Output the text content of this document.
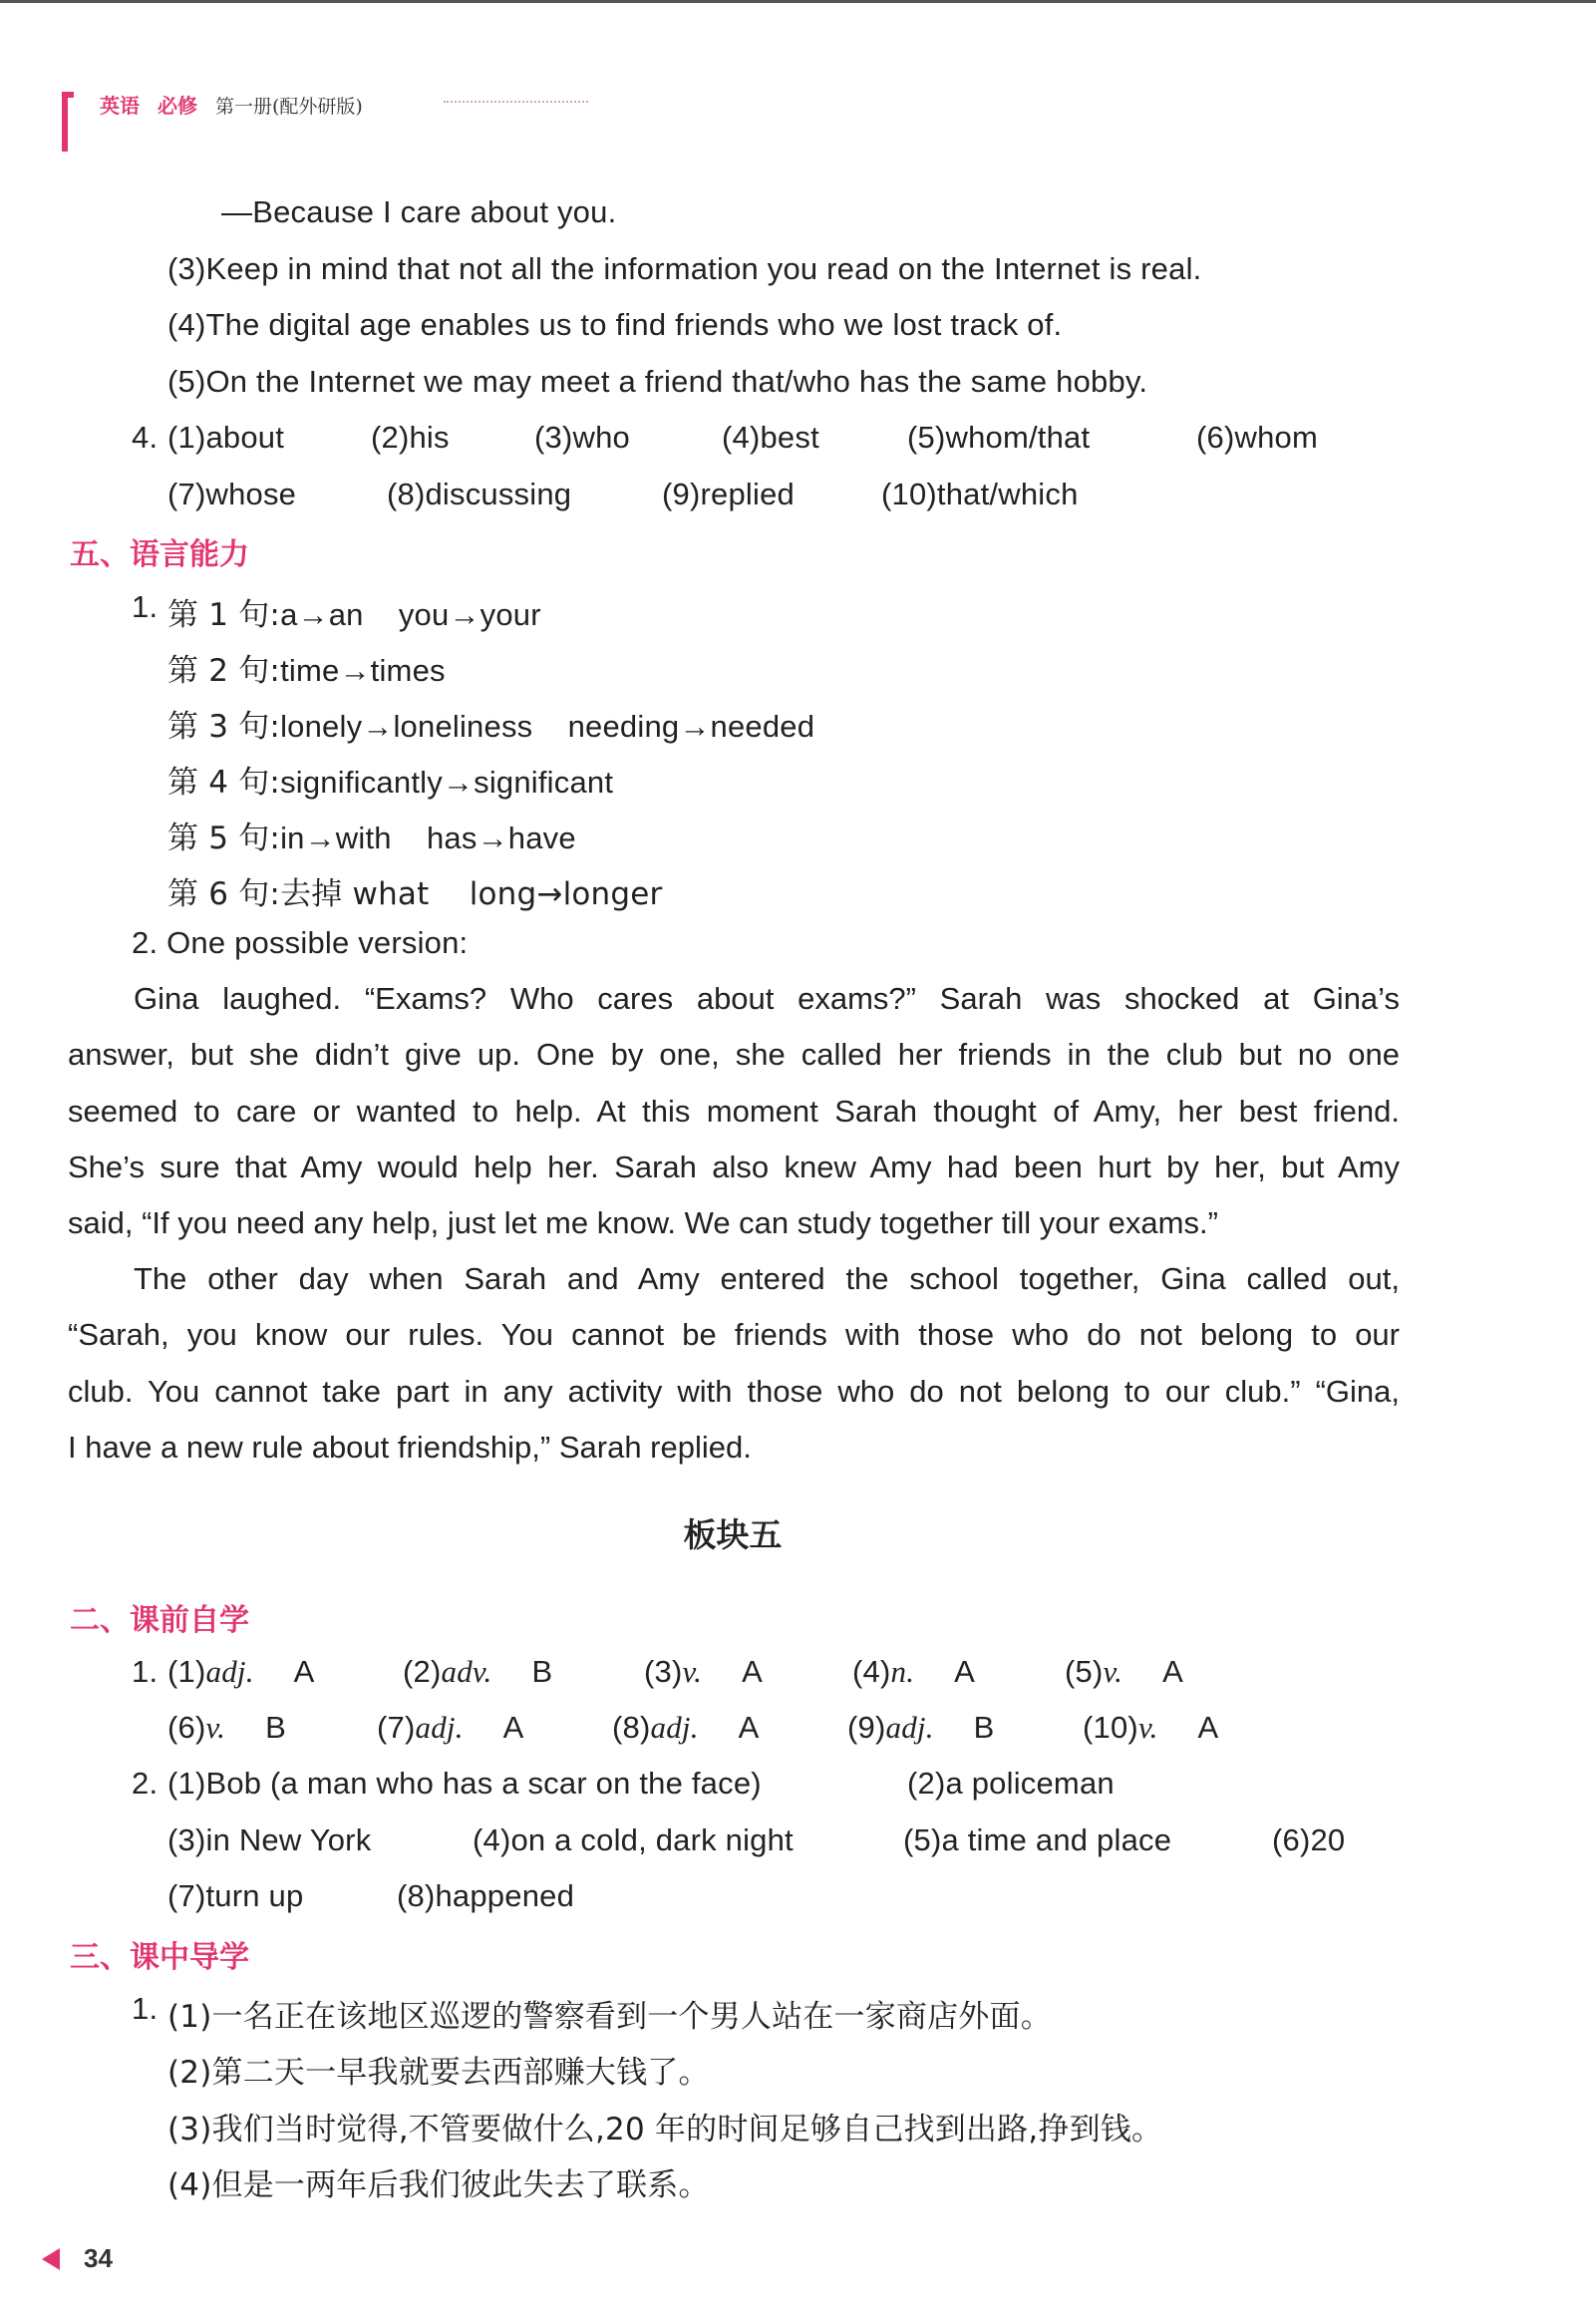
英语 必修 第一册(配外研版)
—Because I care about you.
(3)Keep in mind that not all the information you read on the Internet is real.
(4)The digital age enables us to find friends who we lost track of.
(5)On the Internet we may meet a friend that/who has the same hobby.
4. (1)about	(2)his	(3)who	(4)best	(5)whom/that	(6)whom
(7)whose	(8)discussing	(9)replied	(10)that/which
五、语言能力
1. 第 1 句:a→an    you→your
第 2 句:time→times
第 3 句:lonely→loneliness    needing→needed
第 4 句:significantly→significant
第 5 句:in→with    has→have
第 6 句:去掉 what    long→longer
2. One possible version:
Gina laughed. “Exams? Who cares about exams?” Sarah was shocked at Gina’s
answer, but she didn’t give up. One by one, she called her friends in the club but no one
seemed to care or wanted to help. At this moment Sarah thought of Amy, her best friend.
She’s sure that Amy would help her. Sarah also knew Amy had been hurt by her, but Amy
said, “If you need any help, just let me know. We can study together till your exams.”
The other day when Sarah and Amy entered the school together, Gina called out,
“Sarah, you know our rules. You cannot be friends with those who do not belong to our
club. You cannot take part in any activity with those who do not belong to our club.” “Gina,
I have a new rule about friendship,” Sarah replied.
板块五
二、课前自学
1. (1)adj. A	(2)adv. B	(3)v. A	(4)n. A	(5)v. A
(6)v. B	(7)adj. A	(8)adj. A	(9)adj. B	(10)v. A
2. (1)Bob (a man who has a scar on the face)	(2)a policeman
(3)in New York	(4)on a cold, dark night	(5)a time and place	(6)20
(7)turn up	(8)happened
三、课中导学
1. (1)一名正在该地区巡逻的警察看到一个男人站在一家商店外面。
(2)第二天一早我就要去西部赚大钱了。
(3)我们当时觉得,不管要做什么,20 年的时间足够自己找到出路,挣到钱。
(4)但是一两年后我们彼此失去了联系。
34
